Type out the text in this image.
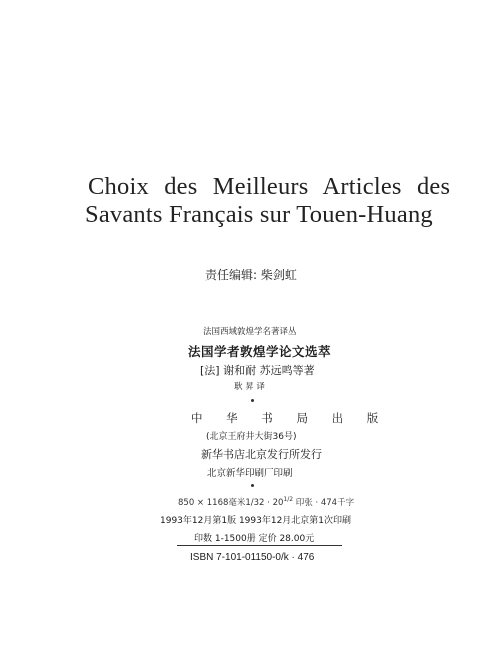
Choix des Meilleurs Articles des
Savants Français sur Touen-Huang
责任编辑: 柴剑虹
法国西域敦煌学名著译丛
法国学者敦煌学论文选萃
[法] 谢和耐 苏远鸣等著
耿 昇 译
中 华 书 局 出 版
(北京王府井大街36号)
新华书店北京发行所发行
北京新华印刷厂印刷
850 × 1168毫米1/32 · 201/2 印张 · 474千字
1993年12月第1版 1993年12月北京第1次印刷
印数 1-1500册 定价 28.00元
ISBN 7-101-01150-0/k · 476
